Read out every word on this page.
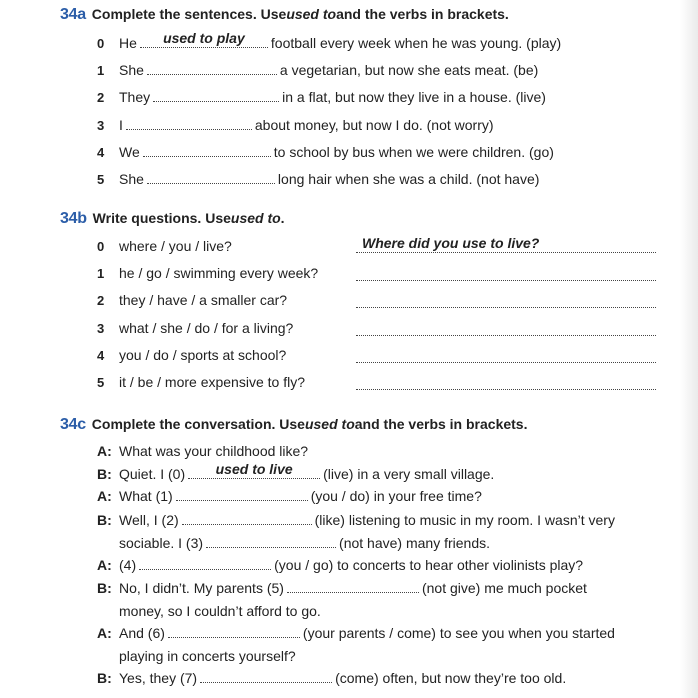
34a Complete the sentences. Use used to and the verbs in brackets.
0	He	used to play	football every week when he was young. (play)
1	She	a vegetarian, but now she eats meat. (be)
2	They	in a flat, but now they live in a house. (live)
3	I	about money, but now I do. (not worry)
4	We	to school by bus when we were children. (go)
5	She	long hair when she was a child. (not have)
34b Write questions. Use used to .
0	where / you / live?	Where did you use to live?
1	he / go / swimming every week?
2	they / have / a smaller car?
3	what / she / do / for a living?
4	you / do / sports at school?
5	it / be / more expensive to fly?
34c Complete the conversation. Use used to and the verbs in brackets.
A: What was your childhood like?
B: Quiet. I (0)	used to live	(live) in a very small village.
A: What (1)	(you / do) in your free time?
B: Well, I (2)	(like) listening to music in my room. I wasn’t very
sociable. I (3)	(not have) many friends.
A: (4)	(you / go) to concerts to hear other violinists play?
B: No, I didn’t. My parents (5)	(not give) me much pocket
money, so I couldn’t afford to go.
A: And (6)	(your parents / come) to see you when you started
playing in concerts yourself?
B: Yes, they (7)	(come) often, but now they’re too old.
